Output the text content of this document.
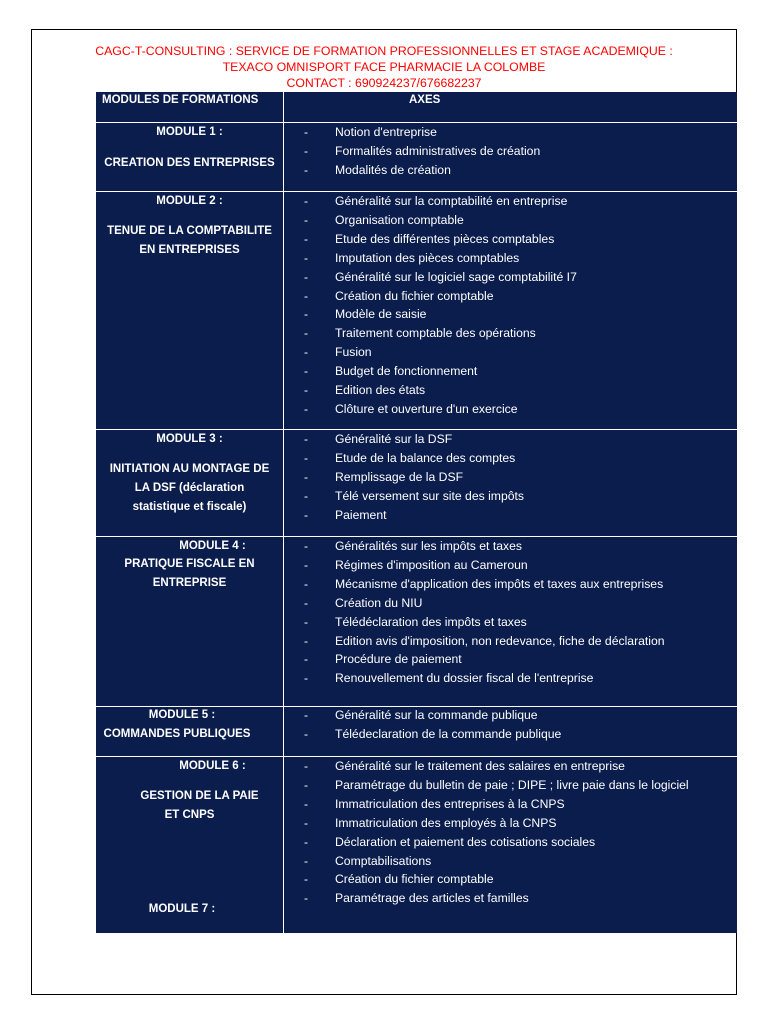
CAGC-T-CONSULTING : SERVICE DE FORMATION PROFESSIONNELLES ET STAGE ACADEMIQUE :
TEXACO OMNISPORT FACE PHARMACIE LA COLOMBE
CONTACT : 690924237/676682237
MODULES DE FORMATIONS	AXES
MODULE 1 :
CREATION DES ENTREPRISES
- Notion d'entreprise
- Formalités administratives de création
- Modalités de création
MODULE 2 :
TENUE DE LA COMPTABILITE
EN ENTREPRISES
- Généralité sur la comptabilité en entreprise
- Organisation comptable
- Etude des différentes pièces comptables
- Imputation des pièces comptables
- Généralité sur le logiciel sage comptabilité I7
- Création du fichier comptable
- Modèle de saisie
- Traitement comptable des opérations
- Fusion
- Budget de fonctionnement
- Edition des états
- Clôture et ouverture d'un exercice
MODULE 3 :
INITIATION AU MONTAGE DE
LA DSF (déclaration
statistique et fiscale)
- Généralité sur la DSF
- Etude de la balance des comptes
- Remplissage de la DSF
- Télé versement sur site des impôts
- Paiement
MODULE 4 :
PRATIQUE FISCALE EN
ENTREPRISE
- Généralités sur les impôts et taxes
- Régimes d'imposition au Cameroun
- Mécanisme d'application des impôts et taxes aux entreprises
- Création du NIU
- Télédéclaration des impôts et taxes
- Edition avis d'imposition, non redevance, fiche de déclaration
- Procédure de paiement
- Renouvellement du dossier fiscal de l'entreprise
MODULE 5 :
COMMANDES PUBLIQUES
- Généralité sur la commande publique
- Télédeclaration de la commande publique
MODULE 6 :
GESTION DE LA PAIE
ET CNPS
- Généralité sur le traitement des salaires en entreprise
- Paramétrage du bulletin de paie ; DIPE ; livre paie dans le logiciel
- Immatriculation des entreprises à la CNPS
- Immatriculation des employés à la CNPS
- Déclaration et paiement des cotisations sociales
- Comptabilisations
- Création du fichier comptable
- Paramétrage des articles et familles
MODULE 7 :
